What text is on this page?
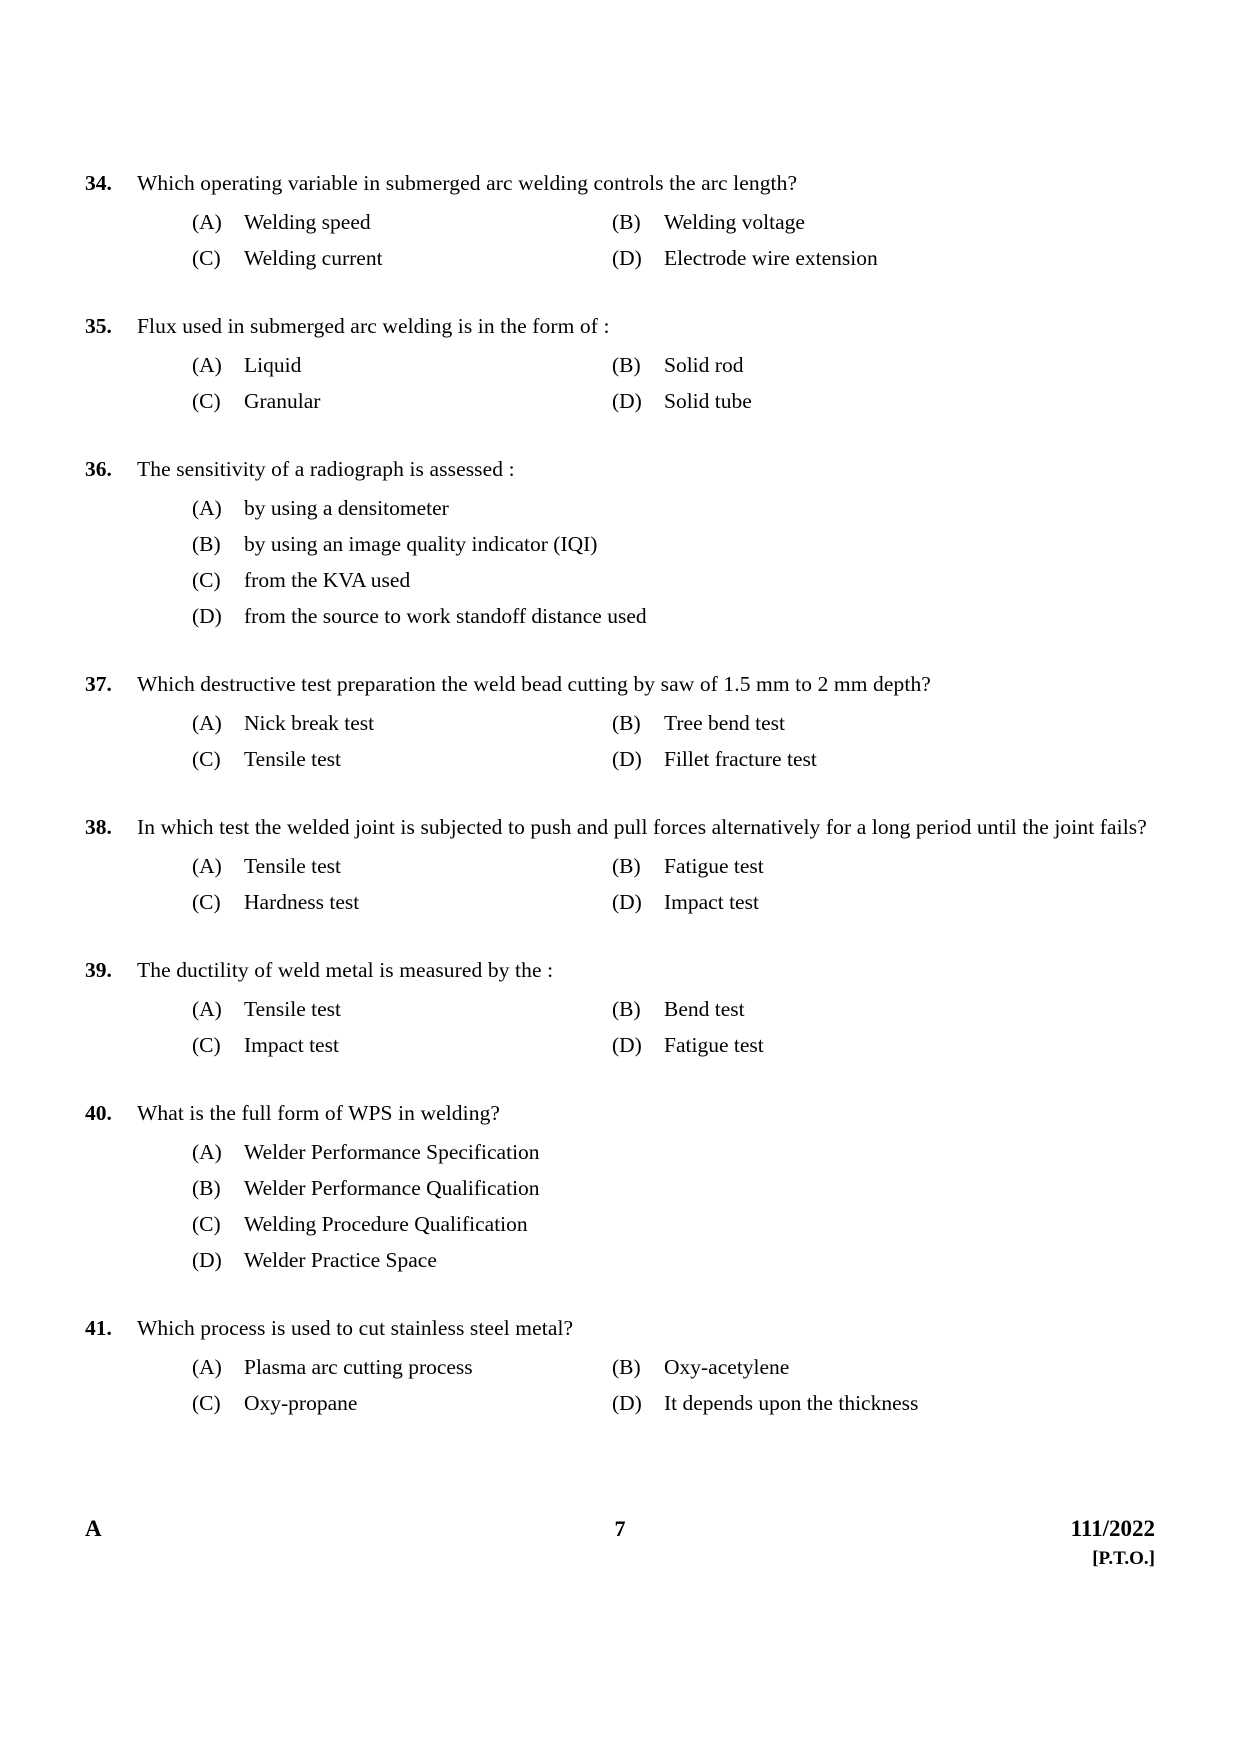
34.	Which operating variable in submerged arc welding controls the arc length?
(A)	Welding speed	(B)	Welding voltage
(C)	Welding current	(D)	Electrode wire extension
35.	Flux used in submerged arc welding is in the form of :
(A)	Liquid	(B)	Solid rod
(C)	Granular	(D)	Solid tube
36.	The sensitivity of a radiograph is assessed :
(A)	by using a densitometer
(B)	by using an image quality indicator (IQI)
(C)	from the KVA used
(D)	from the source to work standoff distance used
37.	Which destructive test preparation the weld bead cutting by saw of 1.5 mm to 2 mm depth?
(A)	Nick break test	(B)	Tree bend test
(C)	Tensile test	(D)	Fillet fracture test
38.	In which test the welded joint is subjected to push and pull forces alternatively for a long period until the joint fails?
(A)	Tensile test	(B)	Fatigue test
(C)	Hardness test	(D)	Impact test
39.	The ductility of weld metal is measured by the :
(A)	Tensile test	(B)	Bend test
(C)	Impact test	(D)	Fatigue test
40.	What is the full form of WPS in welding?
(A)	Welder Performance Specification
(B)	Welder Performance Qualification
(C)	Welding Procedure Qualification
(D)	Welder Practice Space
41.	Which process is used to cut stainless steel metal?
(A)	Plasma arc cutting process	(B)	Oxy-acetylene
(C)	Oxy-propane	(D)	It depends upon the thickness
A	7	111/2022
[P.T.O.]
